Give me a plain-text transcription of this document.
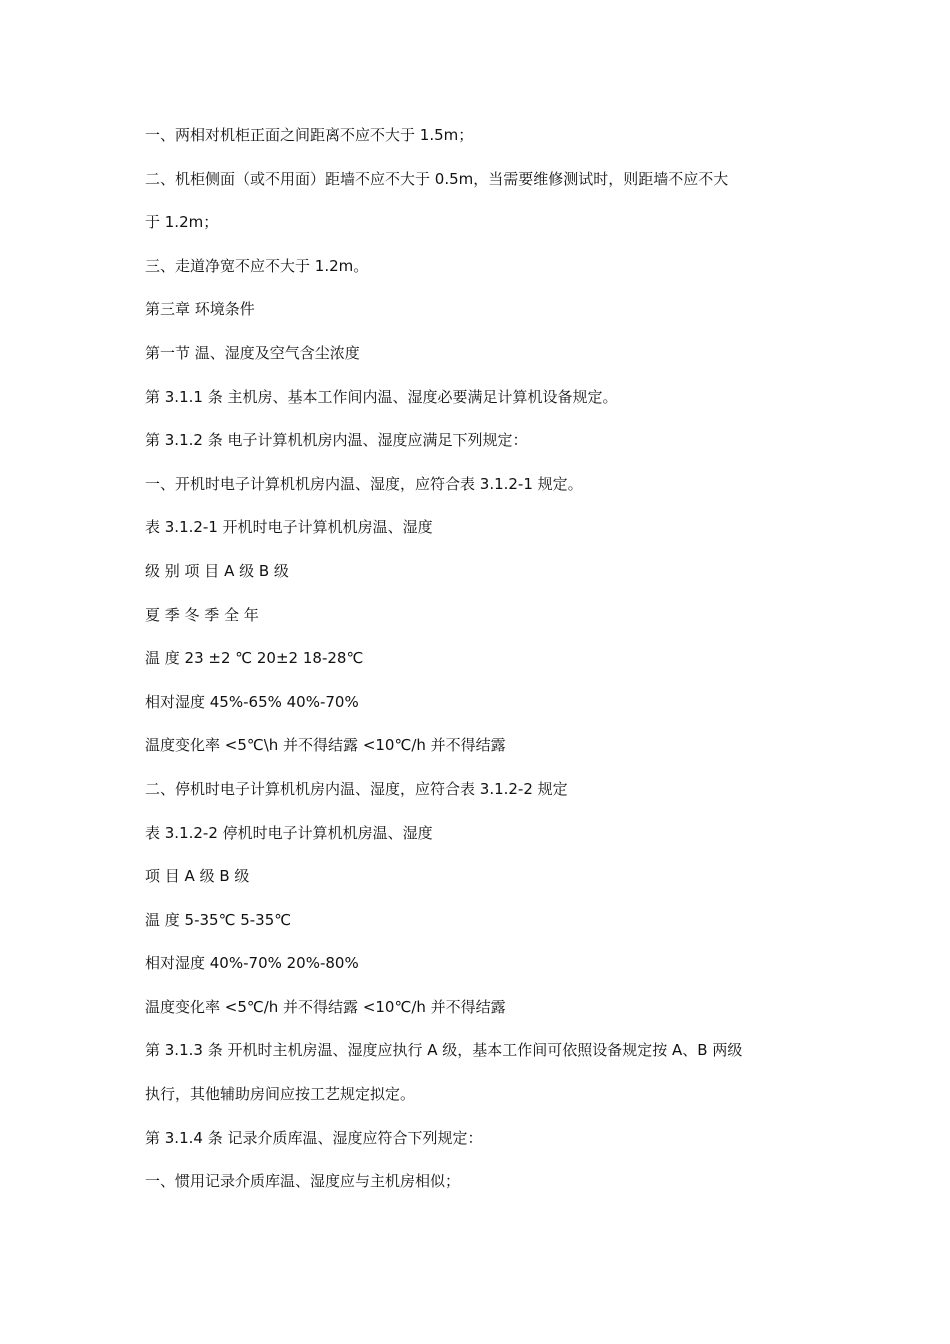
一、两相对机柜正面之间距离不应不大于 1.5m；
二、机柜侧面（或不用面）距墙不应不大于 0.5m，当需要维修测试时，则距墙不应不大
于 1.2m；
三、走道净宽不应不大于 1.2m。
第三章 环境条件
第一节 温、湿度及空气含尘浓度
第 3.1.1 条 主机房、基本工作间内温、湿度必要满足计算机设备规定。
第 3.1.2 条 电子计算机机房内温、湿度应满足下列规定：
一、开机时电子计算机机房内温、湿度，应符合表 3.1.2-1 规定。
表 3.1.2-1 开机时电子计算机机房温、湿度
级 别 项 目 A 级 B 级
夏 季 冬 季 全 年
温 度 23 ±2 ℃ 20±2 18-28℃
相对湿度 45%-65% 40%-70%
温度变化率 <5℃\h 并不得结露 <10℃/h 并不得结露
二、停机时电子计算机机房内温、湿度，应符合表 3.1.2-2 规定
表 3.1.2-2 停机时电子计算机机房温、湿度
项 目 A 级 B 级
温 度 5-35℃ 5-35℃
相对湿度 40%-70% 20%-80%
温度变化率 <5℃/h 并不得结露 <10℃/h 并不得结露
第 3.1.3 条 开机时主机房温、湿度应执行 A 级，基本工作间可依照设备规定按 A、B 两级
执行，其他辅助房间应按工艺规定拟定。
第 3.1.4 条 记录介质库温、湿度应符合下列规定：
一、惯用记录介质库温、湿度应与主机房相似；
